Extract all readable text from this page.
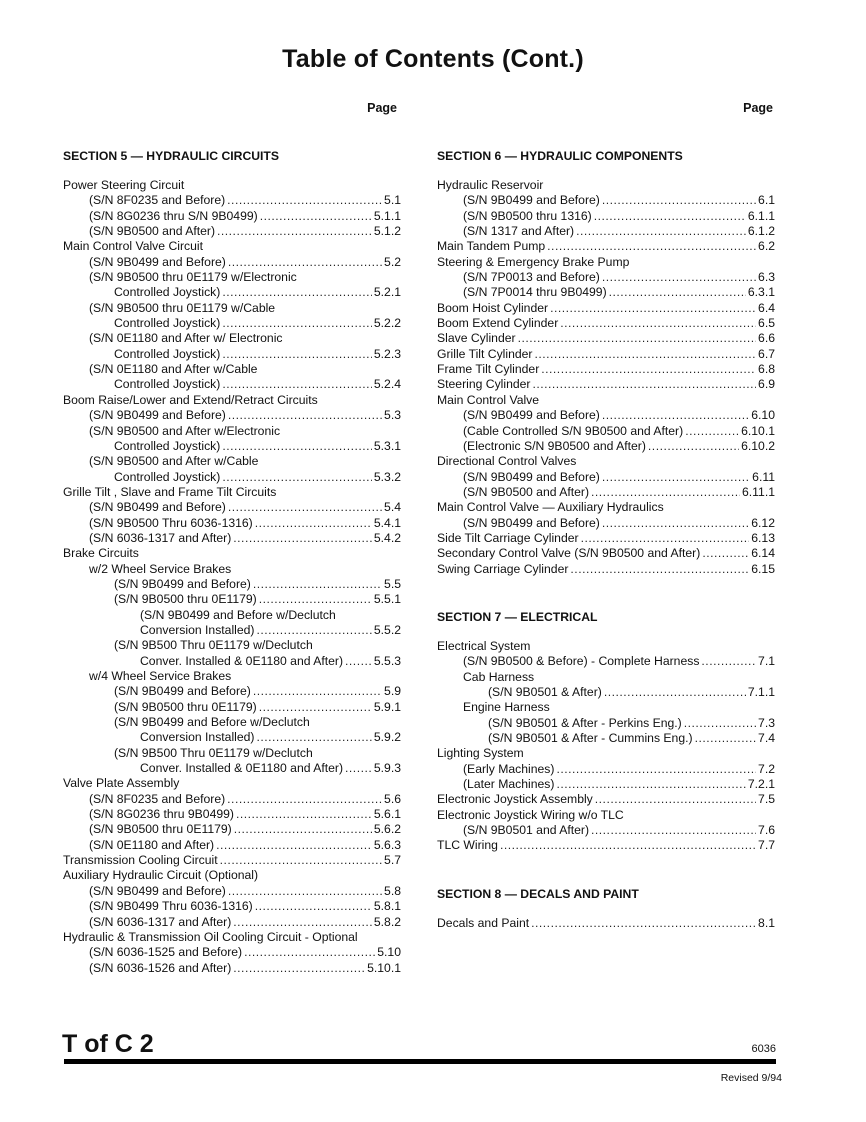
Table of Contents (Cont.)
Page
SECTION 5 — HYDRAULIC CIRCUITS
Power Steering Circuit
(S/N 8F0235 and Before) .....	5.1
(S/N 8G0236 thru S/N 9B0499) .....	5.1.1
(S/N 9B0500 and After) .....	5.1.2
Main Control Valve Circuit
(S/N 9B0499 and Before) .....	5.2
(S/N 9B0500 thru 0E1179 w/Electronic
Controlled Joystick) .....	5.2.1
(S/N 9B0500 thru 0E1179 w/Cable
Controlled Joystick) .....	5.2.2
(S/N 0E1180 and After w/ Electronic
Controlled Joystick) .....	5.2.3
(S/N 0E1180 and After w/Cable
Controlled Joystick) .....	5.2.4
Boom Raise/Lower and Extend/Retract Circuits
(S/N 9B0499 and Before) .....	5.3
(S/N 9B0500 and After w/Electronic
Controlled Joystick) .....	5.3.1
(S/N 9B0500 and After w/Cable
Controlled Joystick) .....	5.3.2
Grille Tilt , Slave and Frame Tilt Circuits
(S/N 9B0499 and Before) .....	5.4
(S/N 9B0500 Thru 6036-1316) .....	5.4.1
(S/N 6036-1317 and After) .....	5.4.2
Brake Circuits
w/2 Wheel Service Brakes
(S/N 9B0499 and Before) .....	5.5
(S/N 9B0500 thru 0E1179) .....	5.5.1
(S/N 9B0499 and Before w/Declutch
Conversion Installed) .....	5.5.2
(S/N 9B500 Thru 0E1179 w/Declutch
Conver. Installed & 0E1180 and After) .....	5.5.3
w/4 Wheel Service Brakes
(S/N 9B0499 and Before) .....	5.9
(S/N 9B0500 thru 0E1179) .....	5.9.1
(S/N 9B0499 and Before w/Declutch
Conversion Installed) .....	5.9.2
(S/N 9B500 Thru 0E1179 w/Declutch
Conver. Installed & 0E1180 and After) .....	5.9.3
Valve Plate Assembly
(S/N 8F0235 and Before) .....	5.6
(S/N 8G0236 thru 9B0499) .....	5.6.1
(S/N 9B0500 thru 0E1179) .....	5.6.2
(S/N 0E1180 and After) .....	5.6.3
Transmission Cooling Circuit .....	5.7
Auxiliary Hydraulic Circuit (Optional)
(S/N 9B0499 and Before) .....	5.8
(S/N 9B0499 Thru 6036-1316) .....	5.8.1
(S/N 6036-1317 and After) .....	5.8.2
Hydraulic & Transmission Oil Cooling Circuit - Optional
(S/N 6036-1525 and Before) .....	5.10
(S/N 6036-1526 and After) .....	5.10.1
Page
SECTION 6 — HYDRAULIC COMPONENTS
Hydraulic Reservoir
(S/N 9B0499 and Before) .....	6.1
(S/N 9B0500 thru 1316) .....	6.1.1
(S/N 1317 and After) .....	6.1.2
Main Tandem Pump .....	6.2
Steering & Emergency Brake Pump
(S/N 7P0013 and Before) .....	6.3
(S/N 7P0014 thru 9B0499) .....	6.3.1
Boom Hoist Cylinder .....	6.4
Boom Extend Cylinder .....	6.5
Slave Cylinder .....	6.6
Grille Tilt Cylinder .....	6.7
Frame Tilt Cylinder .....	6.8
Steering Cylinder .....	6.9
Main Control Valve
(S/N 9B0499 and Before) .....	6.10
(Cable Controlled S/N 9B0500 and After) .....	6.10.1
(Electronic S/N 9B0500 and After) .....	6.10.2
Directional Control Valves
(S/N 9B0499 and Before) .....	6.11
(S/N 9B0500 and After) .....	6.11.1
Main Control Valve — Auxiliary Hydraulics
(S/N 9B0499 and Before) .....	6.12
Side Tilt Carriage Cylinder .....	6.13
Secondary Control Valve (S/N 9B0500 and After) .....	6.14
Swing Carriage Cylinder .....	6.15
SECTION 7 — ELECTRICAL
Electrical System
(S/N 9B0500 & Before) - Complete Harness .....	7.1
Cab Harness
(S/N 9B0501 & After) .....	7.1.1
Engine Harness
(S/N 9B0501 & After - Perkins Eng.) .....	7.3
(S/N 9B0501 & After - Cummins Eng.) .....	7.4
Lighting System
(Early Machines) .....	7.2
(Later Machines) .....	7.2.1
Electronic Joystick Assembly .....	7.5
Electronic Joystick Wiring w/o TLC
(S/N 9B0501 and After) .....	7.6
TLC Wiring .....	7.7
SECTION 8 — DECALS AND PAINT
Decals and Paint .....	8.1
T of C 2	6036
Revised 9/94
